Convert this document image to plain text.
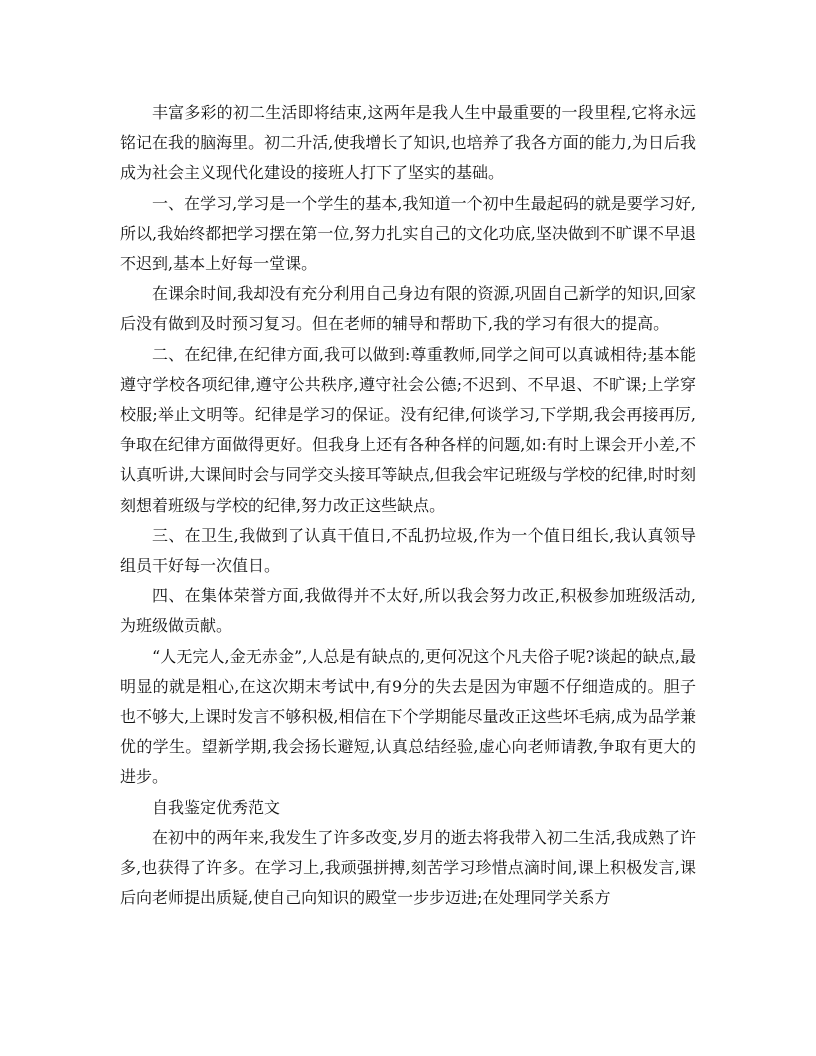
丰富多彩的初二生活即将结束,这两年是我人生中最重要的一段里程,它将永远铭记在我的脑海里。初二升活,使我增长了知识,也培养了我各方面的能力,为日后我成为社会主义现代化建设的接班人打下了坚实的基础。

一、在学习,学习是一个学生的基本,我知道一个初中生最起码的就是要学习好,所以,我始终都把学习摆在第一位,努力扎实自己的文化功底,坚决做到不旷课不早退不迟到,基本上好每一堂课。

在课余时间,我却没有充分利用自己身边有限的资源,巩固自己新学的知识,回家后没有做到及时预习复习。但在老师的辅导和帮助下,我的学习有很大的提高。

二、在纪律,在纪律方面,我可以做到:尊重教师,同学之间可以真诚相待;基本能遵守学校各项纪律,遵守公共秩序,遵守社会公德;不迟到、不早退、不旷课;上学穿校服;举止文明等。纪律是学习的保证。没有纪律,何谈学习,下学期,我会再接再厉,争取在纪律方面做得更好。但我身上还有各种各样的问题,如:有时上课会开小差,不认真听讲,大课间时会与同学交头接耳等缺点,但我会牢记班级与学校的纪律,时时刻刻想着班级与学校的纪律,努力改正这些缺点。

三、在卫生,我做到了认真干值日,不乱扔垃圾,作为一个值日组长,我认真领导组员干好每一次值日。

四、在集体荣誉方面,我做得并不太好,所以我会努力改正,积极参加班级活动,为班级做贡献。

“人无完人,金无赤金”,人总是有缺点的,更何况这个凡夫俗子呢?谈起的缺点,最明显的就是粗心,在这次期末考试中,有9分的失去是因为审题不仔细造成的。胆子也不够大,上课时发言不够积极,相信在下个学期能尽量改正这些坏毛病,成为品学兼优的学生。望新学期,我会扬长避短,认真总结经验,虚心向老师请教,争取有更大的进步。

自我鉴定优秀范文

在初中的两年来,我发生了许多改变,岁月的逝去将我带入初二生活,我成熟了许多,也获得了许多。在学习上,我顽强拼搏,刻苦学习珍惜点滴时间,课上积极发言,课后向老师提出质疑,使自己向知识的殿堂一步步迈进;在处理同学关系方
